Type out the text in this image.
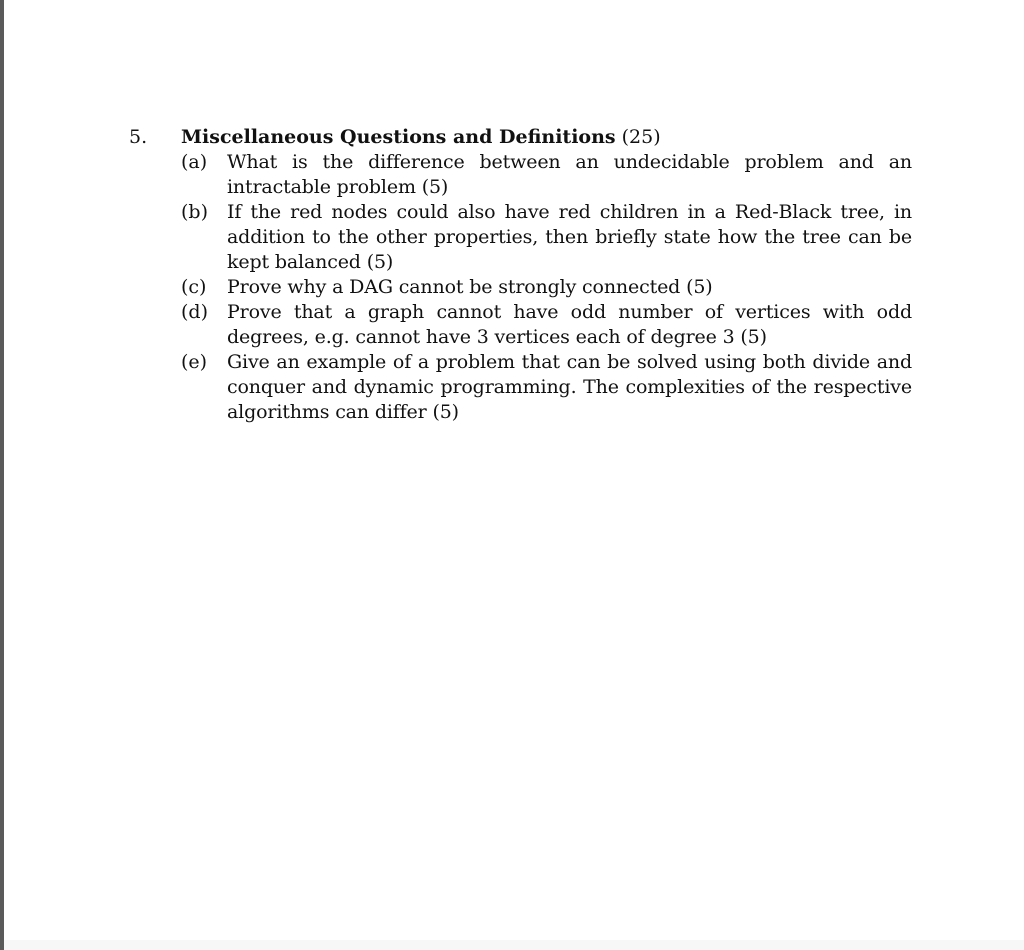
5. Miscellaneous Questions and Definitions (25)
(a) What is the difference between an undecidable problem and an intractable problem (5)
(b) If the red nodes could also have red children in a Red-Black tree, in addition to the other properties, then briefly state how the tree can be kept balanced (5)
(c) Prove why a DAG cannot be strongly connected (5)
(d) Prove that a graph cannot have odd number of vertices with odd degrees, e.g. cannot have 3 vertices each of degree 3 (5)
(e) Give an example of a problem that can be solved using both divide and conquer and dynamic programming. The complexities of the respective algorithms can differ (5)
